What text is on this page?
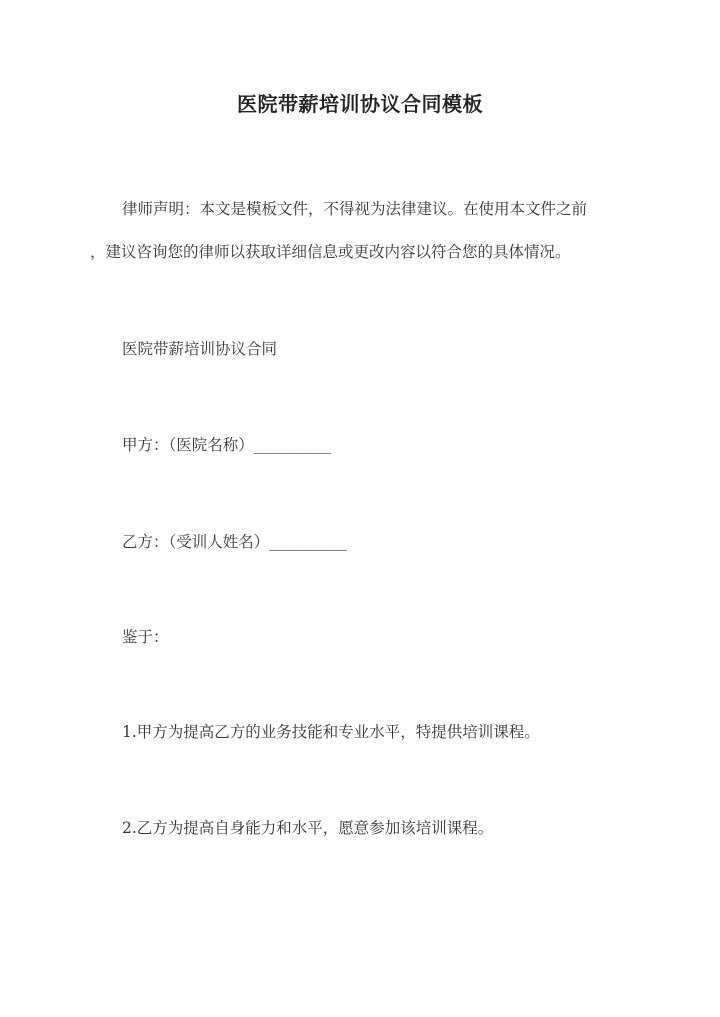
医院带薪培训协议合同模板
律师声明：本文是模板文件，不得视为法律建议。在使用本文件之前
，建议咨询您的律师以获取详细信息或更改内容以符合您的具体情况。
医院带薪培训协议合同
甲方：（医院名称）__________
乙方：（受训人姓名）__________
鉴于：
1.甲方为提高乙方的业务技能和专业水平，特提供培训课程。
2.乙方为提高自身能力和水平，愿意参加该培训课程。
